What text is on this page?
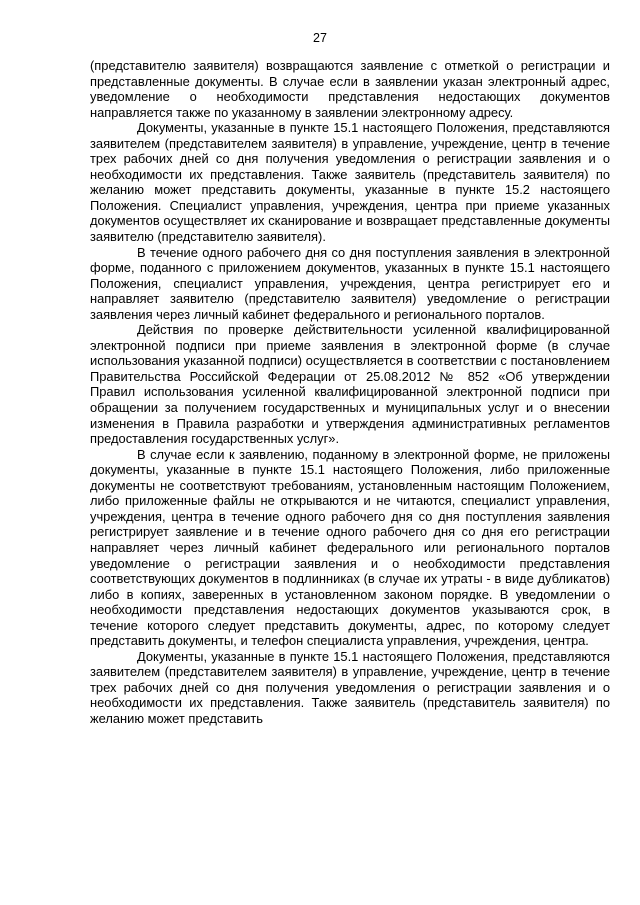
27

(представителю заявителя) возвращаются заявление с отметкой о регистрации и представленные документы. В случае если в заявлении указан электронный адрес, уведомление о необходимости представления недостающих документов направляется также по указанному в заявлении электронному адресу.

Документы, указанные в пункте 15.1 настоящего Положения, представляются заявителем (представителем заявителя) в управление, учреждение, центр в течение трех рабочих дней со дня получения уведомления о регистрации заявления и о необходимости их представления. Также заявитель (представитель заявителя) по желанию может представить документы, указанные в пункте 15.2 настоящего Положения. Специалист управления, учреждения, центра при приеме указанных документов осуществляет их сканирование и возвращает представленные документы заявителю (представителю заявителя).

В течение одного рабочего дня со дня поступления заявления в электронной форме, поданного с приложением документов, указанных в пункте 15.1 настоящего Положения, специалист управления, учреждения, центра регистрирует его и направляет заявителю (представителю заявителя) уведомление о регистрации заявления через личный кабинет федерального и регионального порталов.

Действия по проверке действительности усиленной квалифицированной электронной подписи при приеме заявления в электронной форме (в случае использования указанной подписи) осуществляется в соответствии с постановлением Правительства Российской Федерации от 25.08.2012 № 852 «Об утверждении Правил использования усиленной квалифицированной электронной подписи при обращении за получением государственных и муниципальных услуг и о внесении изменения в Правила разработки и утверждения административных регламентов предоставления государственных услуг».

В случае если к заявлению, поданному в электронной форме, не приложены документы, указанные в пункте 15.1 настоящего Положения, либо приложенные документы не соответствуют требованиям, установленным настоящим Положением, либо приложенные файлы не открываются и не читаются, специалист управления, учреждения, центра в течение одного рабочего дня со дня поступления заявления регистрирует заявление и в течение одного рабочего дня со дня его регистрации направляет через личный кабинет федерального или регионального порталов уведомление о регистрации заявления и о необходимости представления соответствующих документов в подлинниках (в случае их утраты - в виде дубликатов) либо в копиях, заверенных в установленном законом порядке. В уведомлении о необходимости представления недостающих документов указываются срок, в течение которого следует представить документы, адрес, по которому следует представить документы, и телефон специалиста управления, учреждения, центра.

Документы, указанные в пункте 15.1 настоящего Положения, представляются заявителем (представителем заявителя) в управление, учреждение, центр в течение трех рабочих дней со дня получения уведомления о регистрации заявления и о необходимости их представления. Также заявитель (представитель заявителя) по желанию может представить
